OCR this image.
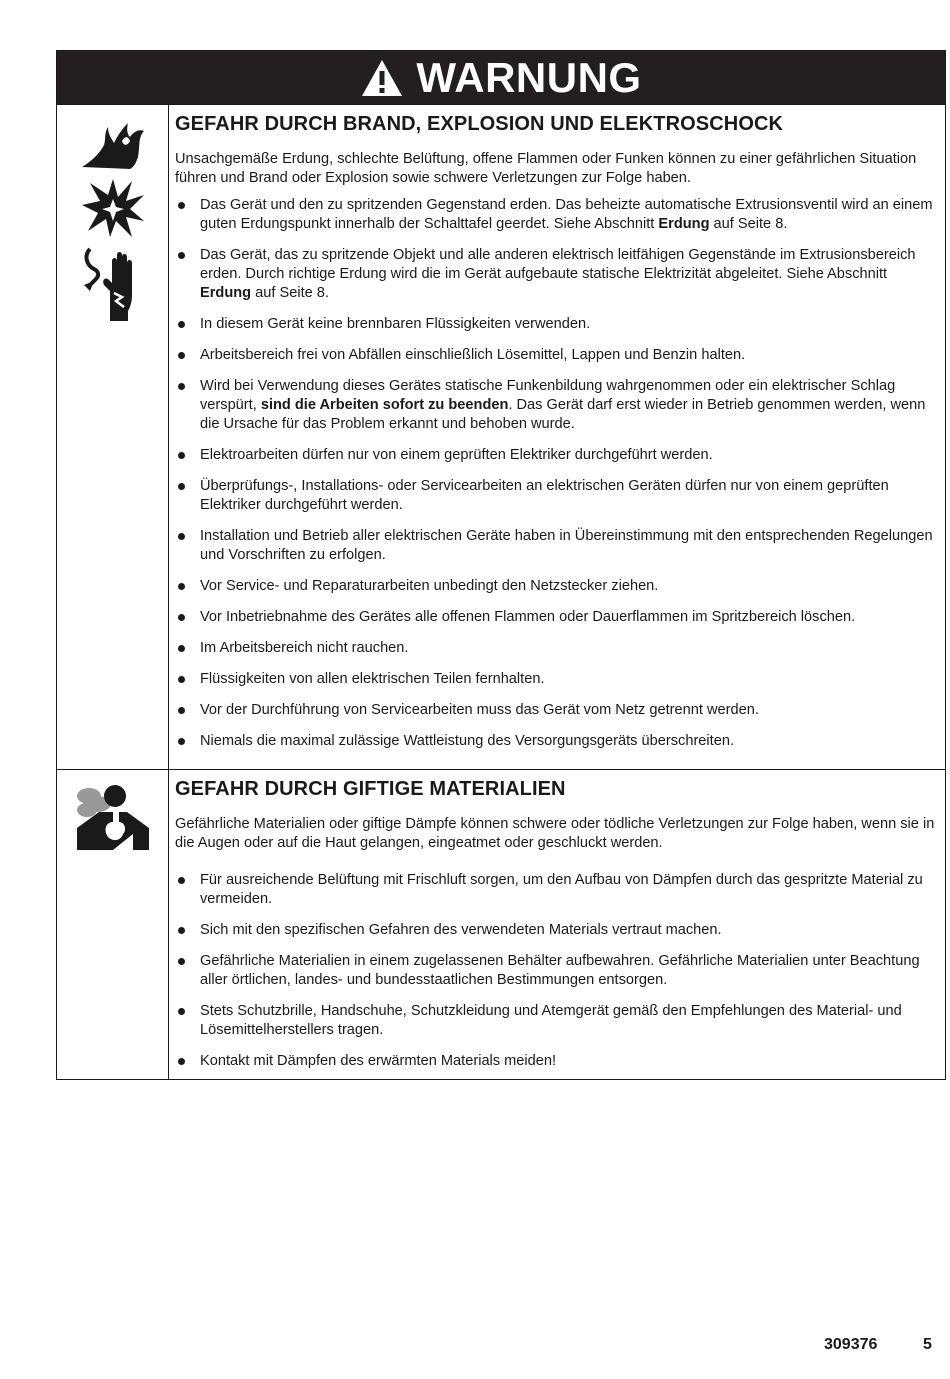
WARNUNG
GEFAHR DURCH BRAND, EXPLOSION UND ELEKTROSCHOCK

Unsachgemäße Erdung, schlechte Belüftung, offene Flammen oder Funken können zu einer gefährlichen Situation führen und Brand oder Explosion sowie schwere Verletzungen zur Folge haben.

Das Gerät und den zu spritzenden Gegenstand erden. Das beheizte automatische Extrusionsventil wird an einem guten Erdungspunkt innerhalb der Schalttafel geerdet. Siehe Abschnitt Erdung auf Seite 8.
Das Gerät, das zu spritzende Objekt und alle anderen elektrisch leitfähigen Gegenstände im Extrusionsbereich erden. Durch richtige Erdung wird die im Gerät aufgebaute statische Elektrizität abgeleitet. Siehe Abschnitt Erdung auf Seite 8.
In diesem Gerät keine brennbaren Flüssigkeiten verwenden.
Arbeitsbereich frei von Abfällen einschließlich Lösemittel, Lappen und Benzin halten.
Wird bei Verwendung dieses Gerätes statische Funkenbildung wahrgenommen oder ein elektrischer Schlag verspürt, sind die Arbeiten sofort zu beenden. Das Gerät darf erst wieder in Betrieb genommen werden, wenn die Ursache für das Problem erkannt und behoben wurde.
Elektroarbeiten dürfen nur von einem geprüften Elektriker durchgeführt werden.
Überprüfungs-, Installations- oder Servicearbeiten an elektrischen Geräten dürfen nur von einem geprüften Elektriker durchgeführt werden.
Installation und Betrieb aller elektrischen Geräte haben in Übereinstimmung mit den entsprechenden Regelungen und Vorschriften zu erfolgen.
Vor Service- und Reparaturarbeiten unbedingt den Netzstecker ziehen.
Vor Inbetriebnahme des Gerätes alle offenen Flammen oder Dauerflammen im Spritzbereich löschen.
Im Arbeitsbereich nicht rauchen.
Flüssigkeiten von allen elektrischen Teilen fernhalten.
Vor der Durchführung von Servicearbeiten muss das Gerät vom Netz getrennt werden.
Niemals die maximal zulässige Wattleistung des Versorgungsgeräts überschreiten.
GEFAHR DURCH GIFTIGE MATERIALIEN

Gefährliche Materialien oder giftige Dämpfe können schwere oder tödliche Verletzungen zur Folge haben, wenn sie in die Augen oder auf die Haut gelangen, eingeatmet oder geschluckt werden.

Für ausreichende Belüftung mit Frischluft sorgen, um den Aufbau von Dämpfen durch das gespritzte Material zu vermeiden.
Sich mit den spezifischen Gefahren des verwendeten Materials vertraut machen.
Gefährliche Materialien in einem zugelassenen Behälter aufbewahren. Gefährliche Materialien unter Beachtung aller örtlichen, landes- und bundesstaatlichen Bestimmungen entsorgen.
Stets Schutzbrille, Handschuhe, Schutzkleidung und Atemgerät gemäß den Empfehlungen des Material- und Lösemittelherstellers tragen.
Kontakt mit Dämpfen des erwärmten Materials meiden!
309376	5
